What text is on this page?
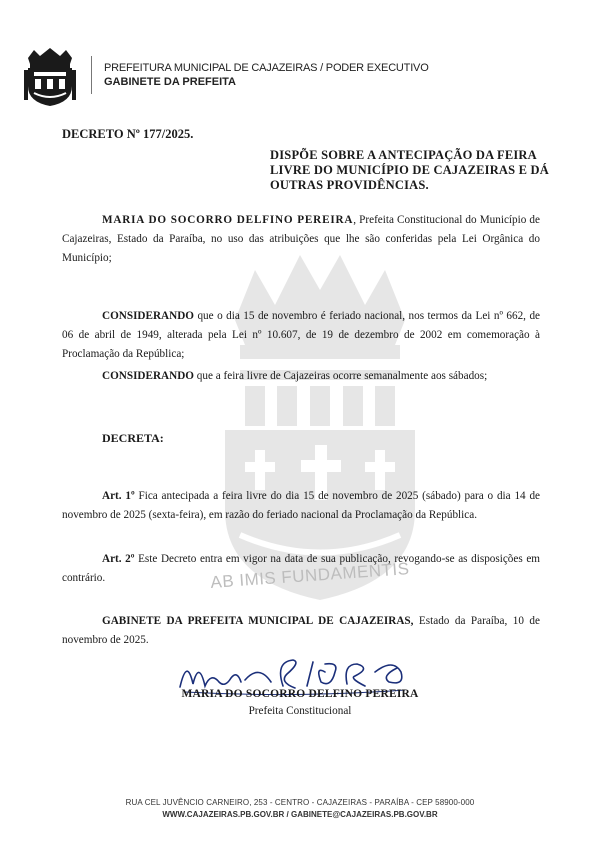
PREFEITURA MUNICIPAL DE CAJAZEIRAS / PODER EXECUTIVO
GABINETE DA PREFEITA
AB IMIS FUNDAMENTIS
DECRETO Nº 177/2025.
DISPÕE SOBRE A ANTECIPAÇÃO DA FEIRA LIVRE DO MUNICÍPIO DE CAJAZEIRAS E DÁ OUTRAS PROVIDÊNCIAS.
MARIA DO SOCORRO DELFINO PEREIRA, Prefeita Constitucional do Município de Cajazeiras, Estado da Paraíba, no uso das atribuições que lhe são conferidas pela Lei Orgânica do Município;
CONSIDERANDO que o dia 15 de novembro é feriado nacional, nos termos da Lei nº 662, de 06 de abril de 1949, alterada pela Lei nº 10.607, de 19 de dezembro de 2002 em comemoração à Proclamação da República;
CONSIDERANDO que a feira livre de Cajazeiras ocorre semanalmente aos sábados;
DECRETA:
Art. 1º Fica antecipada a feira livre do dia 15 de novembro de 2025 (sábado) para o dia 14 de novembro de 2025 (sexta-feira), em razão do feriado nacional da Proclamação da República.
Art. 2º Este Decreto entra em vigor na data de sua publicação, revogando-se as disposições em contrário.
GABINETE DA PREFEITA MUNICIPAL DE CAJAZEIRAS, Estado da Paraíba, 10 de novembro de 2025.
MARIA DO SOCORRO DELFINO PEREIRA
Prefeita Constitucional
RUA CEL JUVÊNCIO CARNEIRO, 253 - CENTRO - CAJAZEIRAS - PARAÍBA - CEP 58900-000
WWW.CAJAZEIRAS.PB.GOV.BR / GABINETE@CAJAZEIRAS.PB.GOV.BR
